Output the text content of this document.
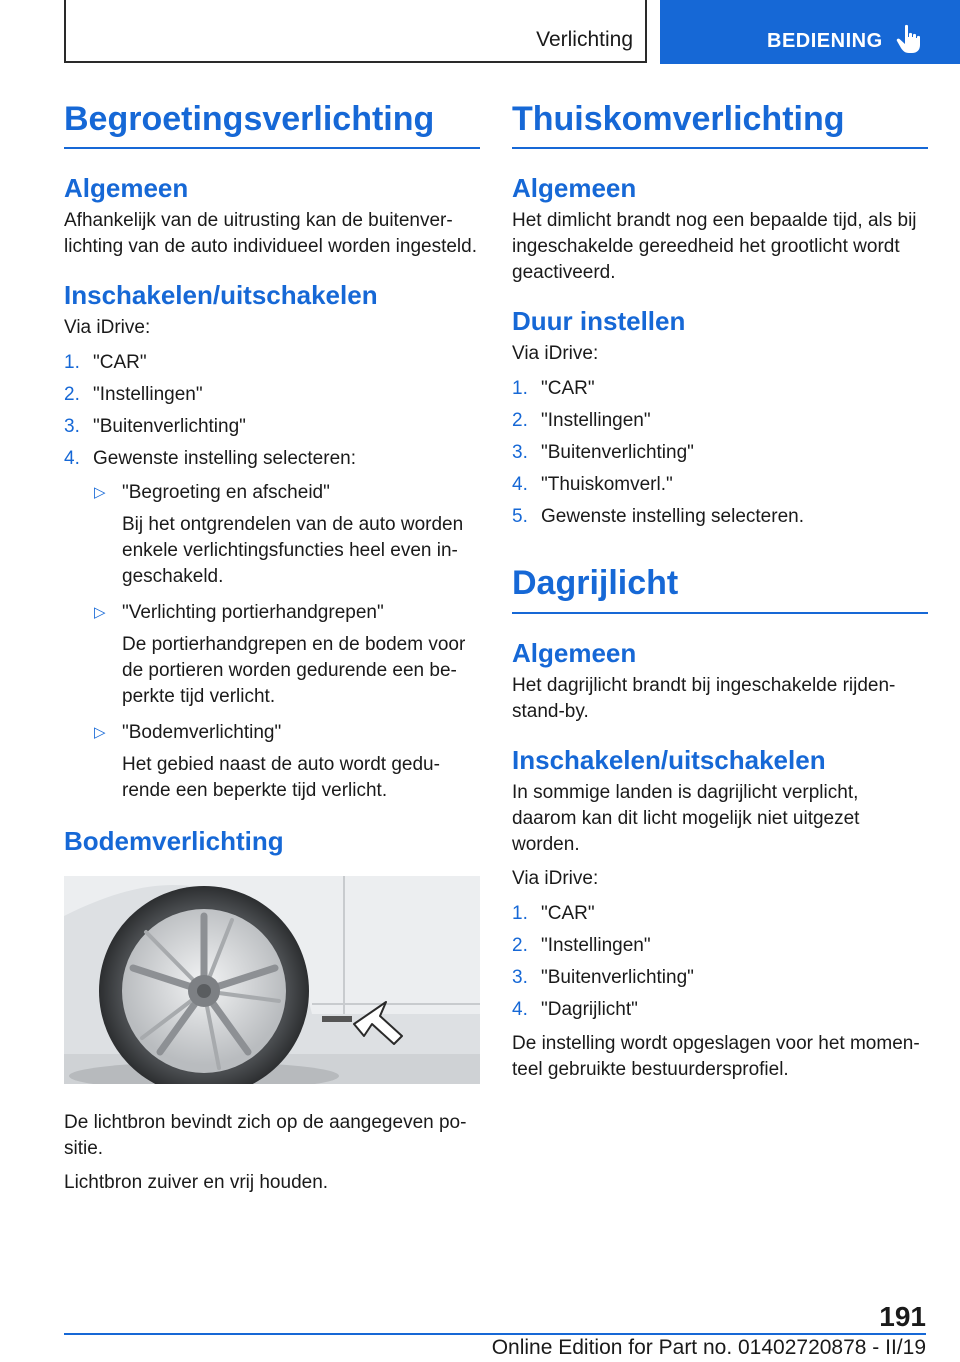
Verlichting	BEDIENING
Begroetingsverlichting
Algemeen

Afhankelijk van de uitrusting kan de buitenver-lichting van de auto individueel worden ingesteld.

Inschakelen/uitschakelen

Via iDrive:

1. "CAR"
2. "Instellingen"
3. "Buitenverlichting"
4. Gewenste instelling selecteren:
▷ "Begroeting en afscheid"
Bij het ontgrendelen van de auto worden enkele verlichtingsfuncties heel even in-geschakeld.
▷ "Verlichting portierhandgrepen"
De portierhandgrepen en de bodem voor de portieren worden gedurende een be-perkte tijd verlicht.
▷ "Bodemverlichting"
Het gebied naast de auto wordt gedu-rende een beperkte tijd verlicht.
Bodemverlichting

De lichtbron bevindt zich op de aangegeven po-sitie.

Lichtbron zuiver en vrij houden.

Thuiskomverlichting
Algemeen

Het dimlicht brandt nog een bepaalde tijd, als bij ingeschakelde gereedheid het grootlicht wordt geactiveerd.

Duur instellen

Via iDrive:

1. "CAR"
2. "Instellingen"
3. "Buitenverlichting"
4. "Thuiskomverl."
5. Gewenste instelling selecteren.
Dagrijlicht
Algemeen

Het dagrijlicht brandt bij ingeschakelde rijden-stand-by.

Inschakelen/uitschakelen

In sommige landen is dagrijlicht verplicht, daarom kan dit licht mogelijk niet uitgezet worden.

Via iDrive:

1. "CAR"
2. "Instellingen"
3. "Buitenverlichting"
4. "Dagrijlicht"

De instelling wordt opgeslagen voor het momen-teel gebruikte bestuurdersprofiel.

191
Online Edition for Part no. 01402720878 - II/19
